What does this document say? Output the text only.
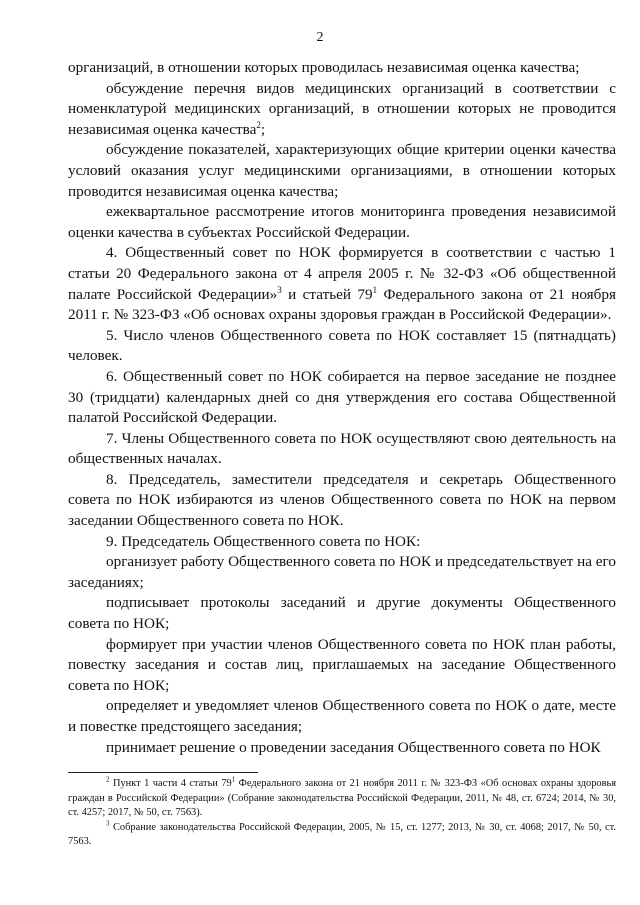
2

организаций, в отношении которых проводилась независимая оценка качества;

обсуждение перечня видов медицинских организаций в соответствии с номенклатурой медицинских организаций, в отношении которых не проводится независимая оценка качества$^2$;

обсуждение показателей, характеризующих общие критерии оценки качества условий оказания услуг медицинскими организациями, в отношении которых проводится независимая оценка качества;

ежеквартальное рассмотрение итогов мониторинга проведения независимой оценки качества в субъектах Российской Федерации.

4. Общественный совет по НОК формируется в соответствии с частью 1 статьи 20 Федерального закона от 4 апреля 2005 г. № 32-ФЗ «Об общественной палате Российской Федерации»$^3$ и статьей $79^1$ Федерального закона от 21 ноября 2011 г. № 323-ФЗ «Об основах охраны здоровья граждан в Российской Федерации».

5. Число членов Общественного совета по НОК составляет 15 (пятнадцать) человек.

6. Общественный совет по НОК собирается на первое заседание не позднее 30 (тридцати) календарных дней со дня утверждения его состава Общественной палатой Российской Федерации.

7. Члены Общественного совета по НОК осуществляют свою деятельность на общественных началах.

8. Председатель, заместители председателя и секретарь Общественного совета по НОК избираются из членов Общественного совета по НОК на первом заседании Общественного совета по НОК.

9. Председатель Общественного совета по НОК:

организует работу Общественного совета по НОК и председательствует на его заседаниях;

подписывает протоколы заседаний и другие документы Общественного совета по НОК;

формирует при участии членов Общественного совета по НОК план работы, повестку заседания и состав лиц, приглашаемых на заседание Общественного совета по НОК;

определяет и уведомляет членов Общественного совета по НОК о дате, месте и повестке предстоящего заседания;

принимает решение о проведении заседания Общественного совета по НОК

$^2$ Пункт 1 части 4 статьи $79^1$ Федерального закона от 21 ноября 2011 г. № 323-ФЗ «Об основах охраны здоровья граждан в Российской Федерации» (Собрание законодательства Российской Федерации, 2011, № 48, ст. 6724; 2014, № 30, ст. 4257; 2017, № 50, ст. 7563).

$^3$ Собрание законодательства Российской Федерации, 2005, № 15, ст. 1277; 2013, № 30, ст. 4068; 2017, № 50, ст. 7563.
